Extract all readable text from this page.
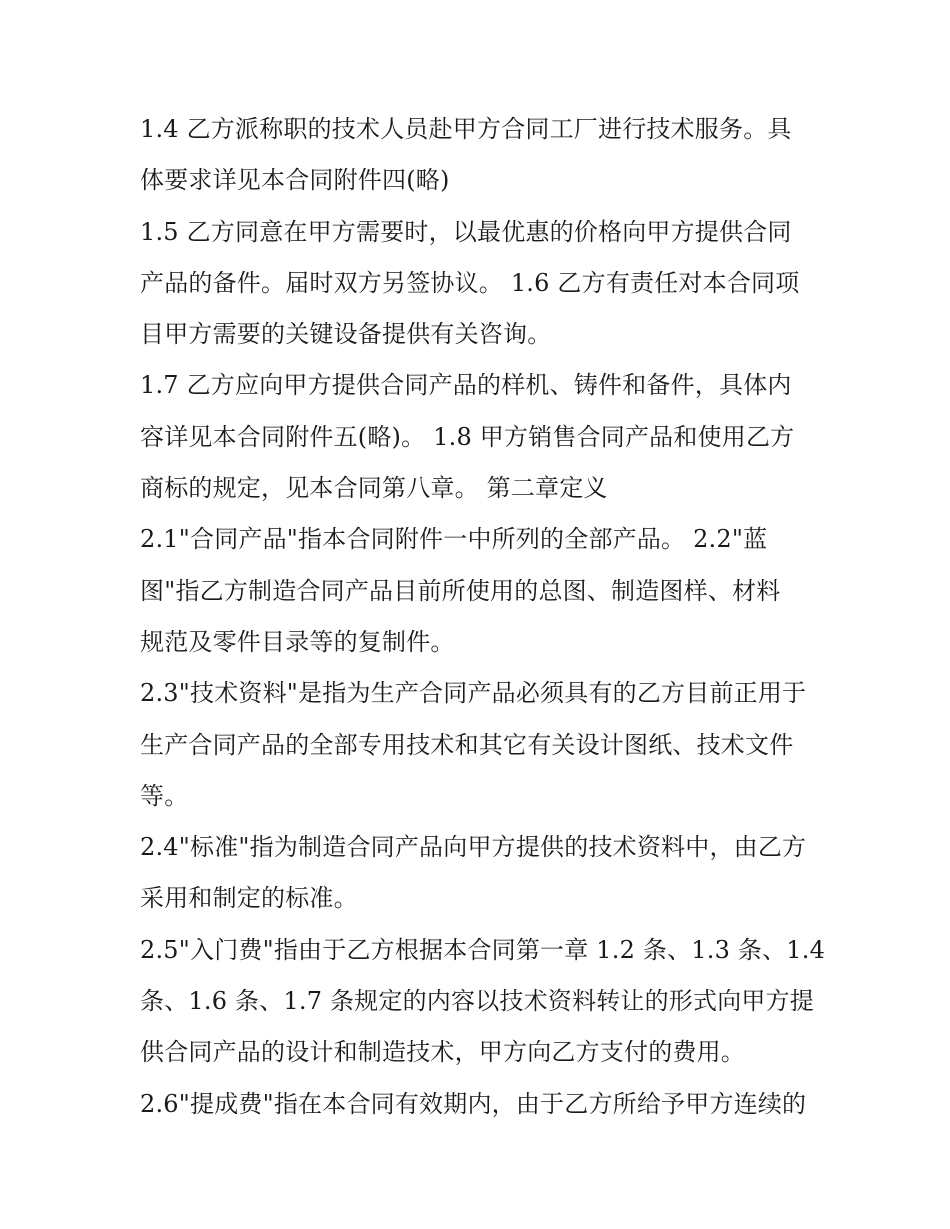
1.4 乙方派称职的技术人员赴甲方合同工厂进行技术服务。具
体要求详见本合同附件四(略)
1.5 乙方同意在甲方需要时，以最优惠的价格向甲方提供合同
产品的备件。届时双方另签协议。 1.6 乙方有责任对本合同项
目甲方需要的关键设备提供有关咨询。
1.7 乙方应向甲方提供合同产品的样机、铸件和备件，具体内
容详见本合同附件五(略)。 1.8 甲方销售合同产品和使用乙方
商标的规定，见本合同第八章。 第二章定义
2.1"合同产品"指本合同附件一中所列的全部产品。 2.2"蓝
图"指乙方制造合同产品目前所使用的总图、制造图样、材料
规范及零件目录等的复制件。
2.3"技术资料"是指为生产合同产品必须具有的乙方目前正用于
生产合同产品的全部专用技术和其它有关设计图纸、技术文件
等。
2.4"标准"指为制造合同产品向甲方提供的技术资料中，由乙方
采用和制定的标准。
2.5"入门费"指由于乙方根据本合同第一章 1.2 条、1.3 条、1.4
条、1.6 条、1.7 条规定的内容以技术资料转让的形式向甲方提
供合同产品的设计和制造技术，甲方向乙方支付的费用。
2.6"提成费"指在本合同有效期内，由于乙方所给予甲方连续的
